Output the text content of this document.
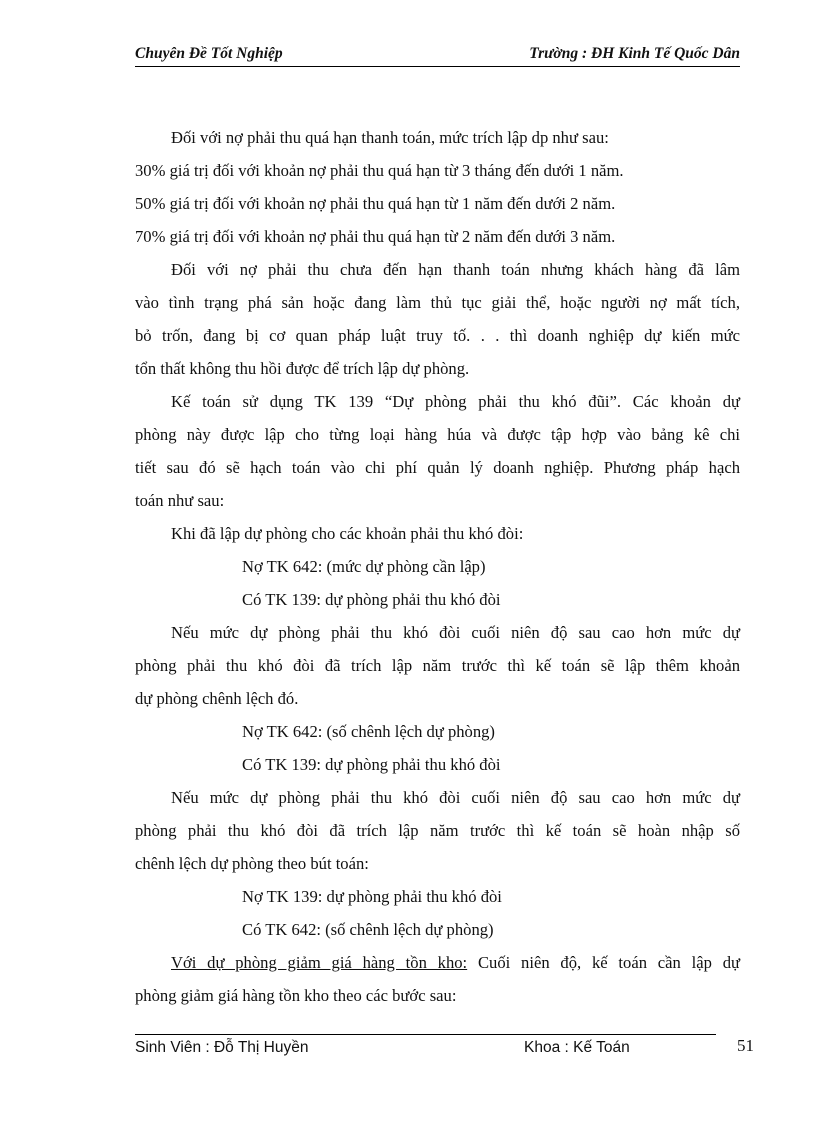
Chuyên Đề Tốt Nghiệp	Trường : ĐH Kinh Tế Quốc Dân
Đối với nợ phải thu quá hạn thanh toán, mức trích lập dp như sau:
30% giá trị đối với khoản nợ phải thu quá hạn từ 3 tháng đến dưới 1 năm.
50% giá trị đối với khoản nợ phải thu quá hạn từ 1 năm đến dưới 2 năm.
70% giá trị đối với khoản nợ phải thu quá hạn từ 2 năm đến dưới 3 năm.
Đối với nợ phải thu chưa đến hạn thanh toán nhưng khách hàng đã lâm
vào tình trạng phá sản hoặc đang làm thủ tục giải thể, hoặc người nợ mất tích,
bỏ trốn, đang bị cơ quan pháp luật truy tố. . . thì doanh nghiệp dự kiến mức
tổn thất không thu hồi được để trích lập dự phòng.
Kế toán sử dụng TK 139 “Dự phòng phải thu khó đũi”. Các khoản dự
phòng này được lập cho từng loại hàng húa và được tập hợp vào bảng kê chi
tiết sau đó sẽ hạch toán vào chi phí quản lý doanh nghiệp. Phương pháp hạch
toán như sau:
Khi đã lập dự phòng cho các khoản phải thu khó đòi:
Nợ TK 642: (mức dự phòng cần lập)
Có TK 139: dự phòng phải thu khó đòi
Nếu mức dự phòng phải thu khó đòi cuối niên độ sau cao hơn mức dự
phòng phải thu khó đòi đã trích lập năm trước thì kế toán sẽ lập thêm khoản
dự phòng chênh lệch đó.
Nợ TK 642: (số chênh lệch dự phòng)
Có TK 139: dự phòng phải thu khó đòi
Nếu mức dự phòng phải thu khó đòi cuối niên độ sau cao hơn mức dự
phòng phải thu khó đòi đã trích lập năm trước thì kế toán sẽ hoàn nhập số
chênh lệch dự phòng theo bút toán:
Nợ TK 139: dự phòng phải thu khó đòi
Có TK 642: (số chênh lệch dự phòng)
Với dự phòng giảm giá hàng tồn kho: Cuối niên độ, kế toán cần lập dự
phòng giảm giá hàng tồn kho theo các bước sau:
Sinh Viên : Đỗ Thị Huyền	Khoa : Kế Toán	51
